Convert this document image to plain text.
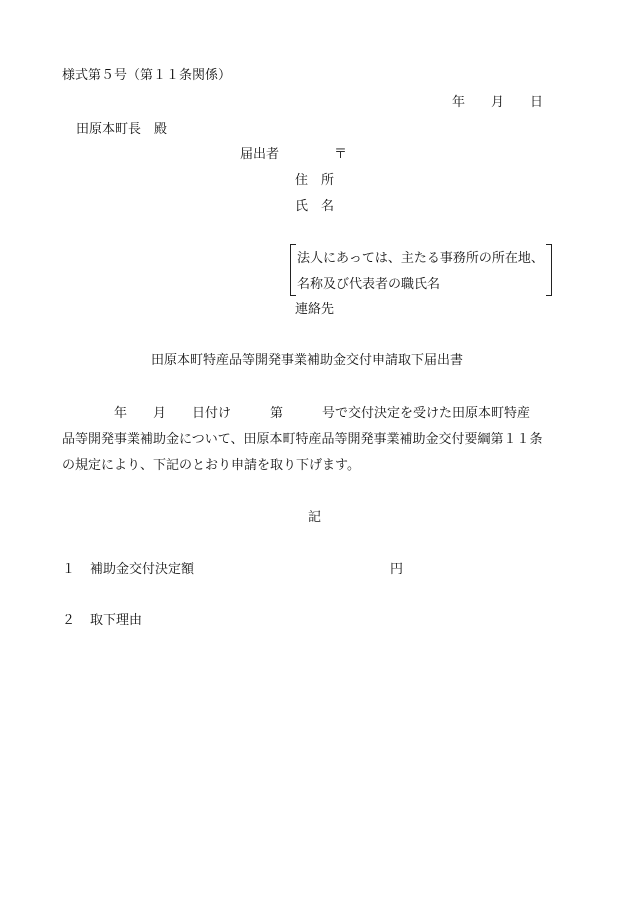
様式第５号（第１１条関係）
年　　月　　日
田原本町長　殿
届出者	〒
住　所
氏　名
法人にあっては、主たる事務所の所在地、
名称及び代表者の職氏名
連絡先
田原本町特産品等開発事業補助金交付申請取下届出書
　　　　年　　月　　日付け　　　第　　　号で交付決定を受けた田原本町特産
品等開発事業補助金について、田原本町特産品等開発事業補助金交付要綱第１１条
の規定により、下記のとおり申請を取り下げます。
記
１ 補助金交付決定額	円
２ 取下理由
